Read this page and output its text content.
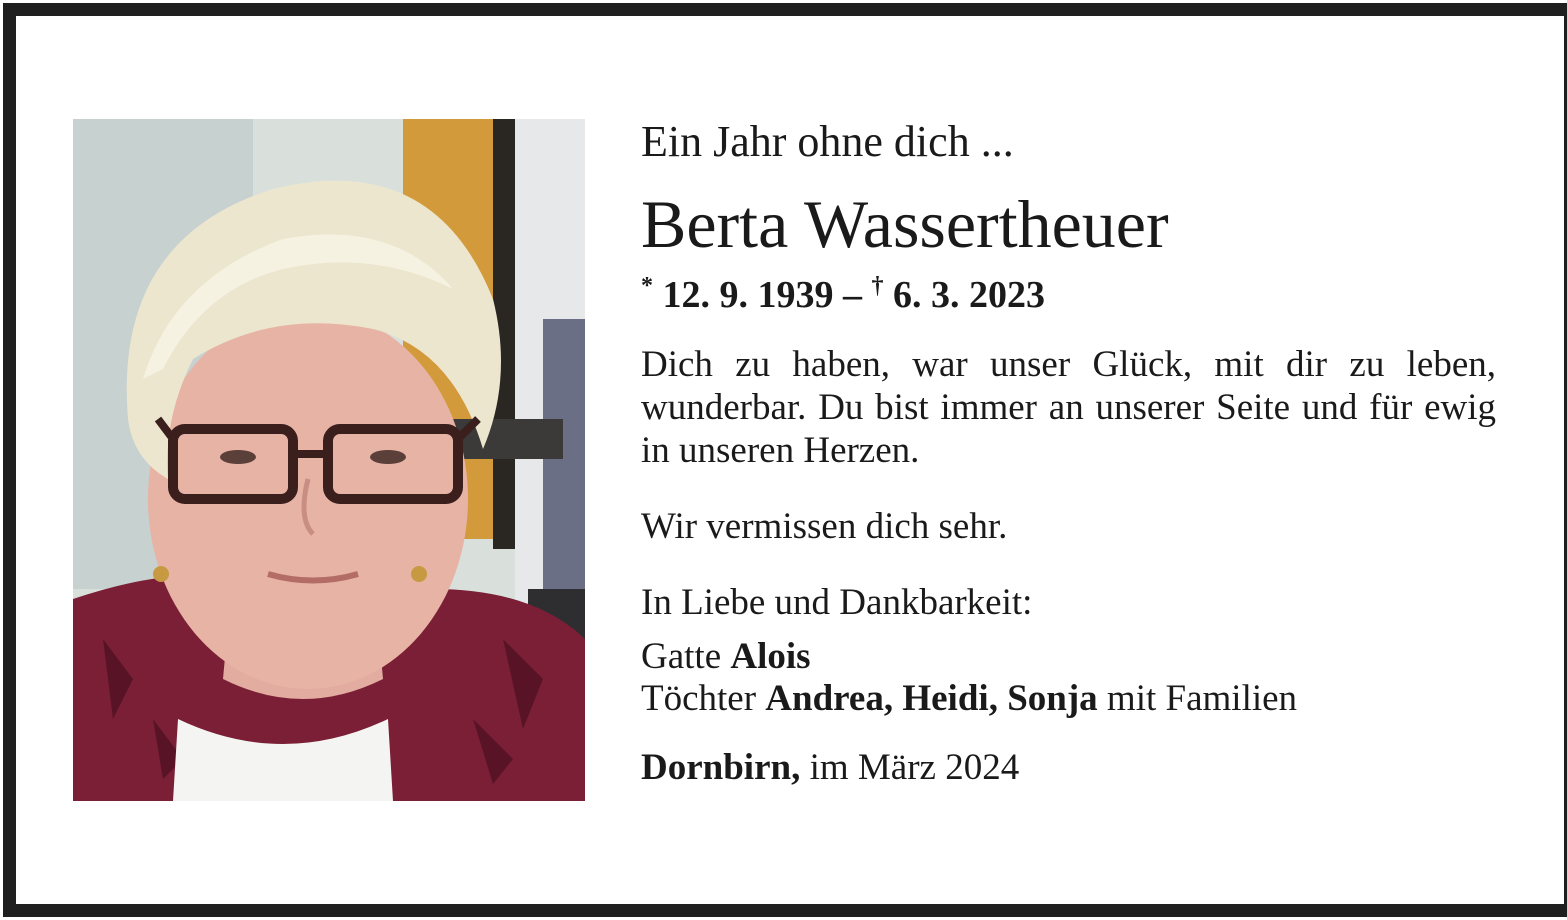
Ein Jahr ohne dich ...

Berta Wassertheuer

* 12. 9. 1939 – † 6. 3. 2023

Dich zu haben, war unser Glück, mit dir zu leben, wunderbar. Du bist immer an unserer Seite und für ewig in unseren Herzen.

Wir vermissen dich sehr.

In Liebe und Dankbarkeit:

Gatte Alois
Töchter Andrea, Heidi, Sonja mit Familien

Dornbirn, im März 2024
